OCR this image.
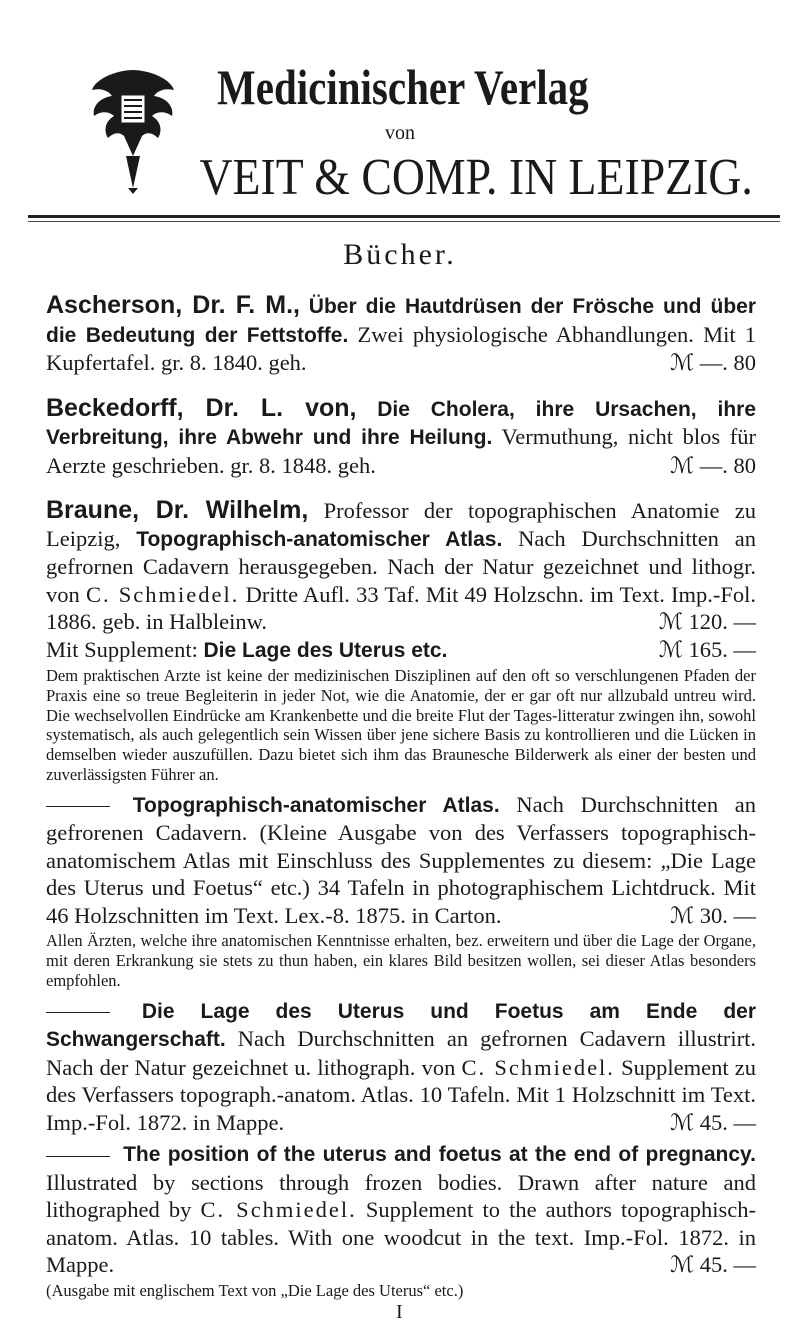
Medicinischer Verlag
von
VEIT & COMP. IN LEIPZIG.
Bücher.
Ascherson, Dr. F. M., Über die Hautdrüsen der Frösche und über die Bedeutung der Fettstoffe. Zwei physiologische Abhandlungen. Mit 1 Kupfertafel. gr. 8. 1840. geh.	ℳ —. 80
Beckedorff, Dr. L. von, Die Cholera, ihre Ursachen, ihre Verbreitung, ihre Abwehr und ihre Heilung. Vermuthung, nicht blos für Aerzte geschrieben. gr. 8. 1848. geh.	ℳ —. 80
Braune, Dr. Wilhelm, Professor der topographischen Anatomie zu Leipzig, Topographisch-anatomischer Atlas. Nach Durchschnitten an gefrornen Cadavern herausgegeben. Nach der Natur gezeichnet und lithogr. von C. Schmiedel. Dritte Aufl. 33 Taf. Mit 49 Holzschn. im Text. Imp.-Fol. 1886. geb. in Halbleinw.	ℳ 120. —
Mit Supplement: Die Lage des Uterus etc.	ℳ 165. —
Dem praktischen Arzte ist keine der medizinischen Disziplinen auf den oft so verschlungenen Pfaden der Praxis eine so treue Begleiterin in jeder Not, wie die Anatomie, der er gar oft nur allzubald untreu wird. Die wechselvollen Eindrücke am Krankenbette und die breite Flut der Tages-litteratur zwingen ihn, sowohl systematisch, als auch gelegentlich sein Wissen über jene sichere Basis zu kontrollieren und die Lücken in demselben wieder auszufüllen. Dazu bietet sich ihm das Braunesche Bilderwerk als einer der besten und zuverlässigsten Führer an.
Topographisch-anatomischer Atlas. Nach Durchschnitten an gefrorenen Cadavern. (Kleine Ausgabe von des Verfassers topographisch-anatomischem Atlas mit Einschluss des Supplementes zu diesem: „Die Lage des Uterus und Foetus“ etc.) 34 Tafeln in photographischem Lichtdruck. Mit 46 Holzschnitten im Text. Lex.-8. 1875. in Carton.	ℳ 30. —
Allen Ärzten, welche ihre anatomischen Kenntnisse erhalten, bez. erweitern und über die Lage der Organe, mit deren Erkrankung sie stets zu thun haben, ein klares Bild besitzen wollen, sei dieser Atlas besonders empfohlen.
Die Lage des Uterus und Foetus am Ende der Schwangerschaft. Nach Durchschnitten an gefrornen Cadavern illustrirt. Nach der Natur gezeichnet u. lithograph. von C. Schmiedel. Supplement zu des Verfassers topograph.-anatom. Atlas. 10 Tafeln. Mit 1 Holzschnitt im Text. Imp.-Fol. 1872. in Mappe.	ℳ 45. —
The position of the uterus and foetus at the end of pregnancy. Illustrated by sections through frozen bodies. Drawn after nature and lithographed by C. Schmiedel. Supplement to the authors topographisch-anatom. Atlas. 10 tables. With one woodcut in the text. Imp.-Fol. 1872. in Mappe.	ℳ 45. —
(Ausgabe mit englischem Text von „Die Lage des Uterus“ etc.)
I
